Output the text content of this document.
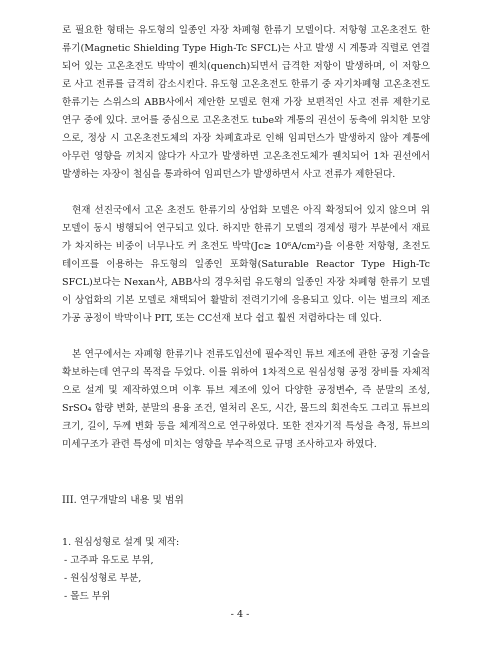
로 필요한 형태는 유도형의 일종인 자장 차폐형 한류기 모델이다. 저항형 고온초전도 한류기(Magnetic Shielding Type High-Tc SFCL)는 사고 발생 시 계통과 직렬로 연결되어 있는 고온초전도 박막이 퀜치(quench)되면서 급격한 저항이 발생하며, 이 저항으로 사고 전류를 급격히 감소시킨다. 유도형 고온초전도 한류기 중 자기차폐형 고온초전도한류기는 스위스의 ABB사에서 제안한 모델로 현재 가장 보편적인 사고 전류 제한기로 연구 중에 있다. 코어를 중심으로 고온초전도 tube와 계통의 권선이 동축에 위치한 모양으로, 정상 시 고온초전도체의 자장 차폐효과로 인해 임피던스가 발생하지 않아 계통에 아무런 영향을 끼치지 않다가 사고가 발생하면 고온초전도체가 퀜치되어 1차 권선에서 발생하는 자장이 철심을 통과하여 임피던스가 발생하면서 사고 전류가 제한된다.

현재 선진국에서 고온 초전도 한류기의 상업화 모델은 아직 확정되어 있지 않으며 위 모델이 동시 병행되어 연구되고 있다. 하지만 한류기 모델의 경제성 평가 부분에서 재료가 차지하는 비중이 너무나도 커 초전도 박막(Jc≥ 10⁶A/cm²)을 이용한 저항형, 초전도테이프를 이용하는 유도형의 일종인 포화형(Saturable Reactor Type High-Tc SFCL)보다는 Nexan사, ABB사의 경우처럼 유도형의 일종인 자장 차폐형 한류기 모델이 상업화의 기본 모델로 채택되어 활발히 전력기기에 응용되고 있다. 이는 벌크의 제조 가공 공정이 박막이나 PIT, 또는 CC선재 보다 쉽고 훨씬 저렴하다는 데 있다.

본 연구에서는 자폐형 한류기나 전류도입선에 필수적인 튜브 제조에 관한 공정 기술을 확보하는데 연구의 목적을 두었다. 이를 위하여 1차적으로 원심성형 공정 장비를 자체적으로 설계 및 제작하였으며 이후 튜브 제조에 있어 다양한 공정변수, 즉 분말의 조성, SrSO₄ 함량 변화, 분말의 용융 조건, 열처리 온도, 시간, 몰드의 회전속도 그리고 튜브의 크기, 길이, 두께 변화 등을 체계적으로 연구하였다. 또한 전자기적 특성을 측정, 튜브의 미세구조가 관련 특성에 미치는 영향을 부수적으로 규명 조사하고자 하였다.

III. 연구개발의 내용 및 범위

1. 원심성형로 설계 및 제작:

- 고주파 유도로 부위,

- 원심성형로 부분,

- 몰드 부위

- 4 -
